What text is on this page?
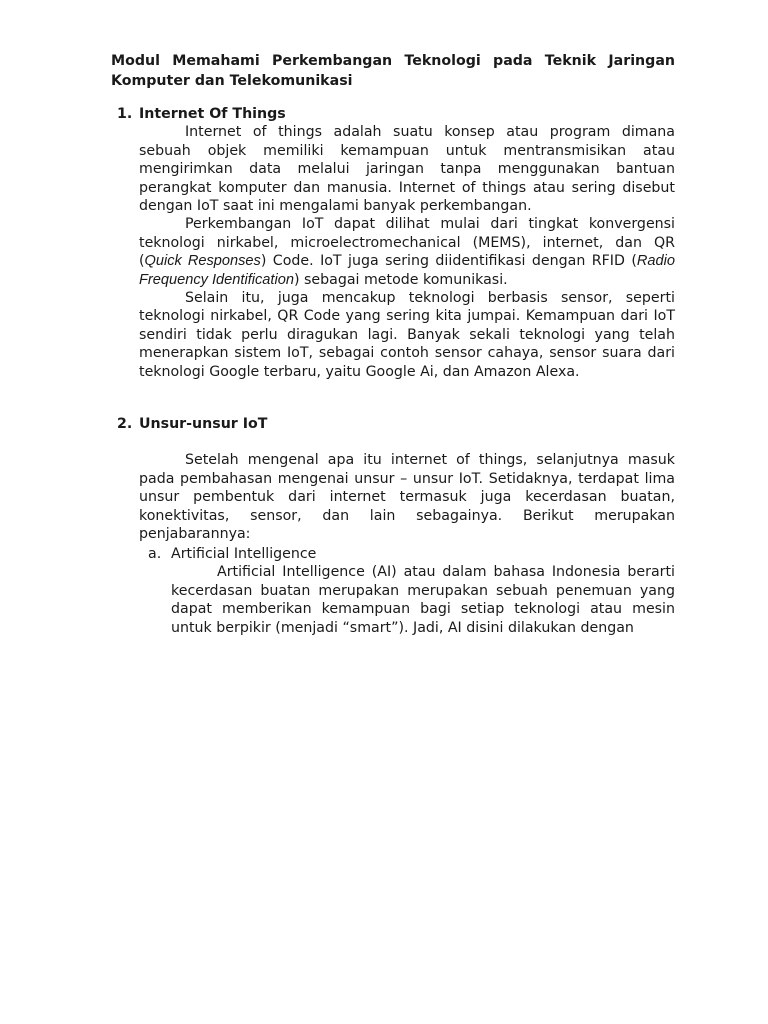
Modul Memahami Perkembangan Teknologi pada Teknik Jaringan Komputer dan Telekomunikasi

1. Internet Of Things

Internet of things adalah suatu konsep atau program dimana sebuah objek memiliki kemampuan untuk mentransmisikan atau mengirimkan data melalui jaringan tanpa menggunakan bantuan perangkat komputer dan manusia. Internet of things atau sering disebut dengan IoT saat ini mengalami banyak perkembangan.

Perkembangan IoT dapat dilihat mulai dari tingkat konvergensi teknologi nirkabel, microelectromechanical (MEMS), internet, dan QR (Quick Responses) Code. IoT juga sering diidentifikasi dengan RFID (Radio Frequency Identification) sebagai metode komunikasi.

Selain itu, juga mencakup teknologi berbasis sensor, seperti teknologi nirkabel, QR Code yang sering kita jumpai. Kemampuan dari IoT sendiri tidak perlu diragukan lagi. Banyak sekali teknologi yang telah menerapkan sistem IoT, sebagai contoh sensor cahaya, sensor suara dari teknologi Google terbaru, yaitu Google Ai, dan Amazon Alexa.

2. Unsur-unsur IoT

Setelah mengenal apa itu internet of things, selanjutnya masuk pada pembahasan mengenai unsur – unsur IoT. Setidaknya, terdapat lima unsur pembentuk dari internet termasuk juga kecerdasan buatan, konektivitas, sensor, dan lain sebagainya. Berikut merupakan penjabarannya:

a. Artificial Intelligence

Artificial Intelligence (AI) atau dalam bahasa Indonesia berarti kecerdasan buatan merupakan merupakan sebuah penemuan yang dapat memberikan kemampuan bagi setiap teknologi atau mesin untuk berpikir (menjadi “smart”). Jadi, AI disini dilakukan dengan
